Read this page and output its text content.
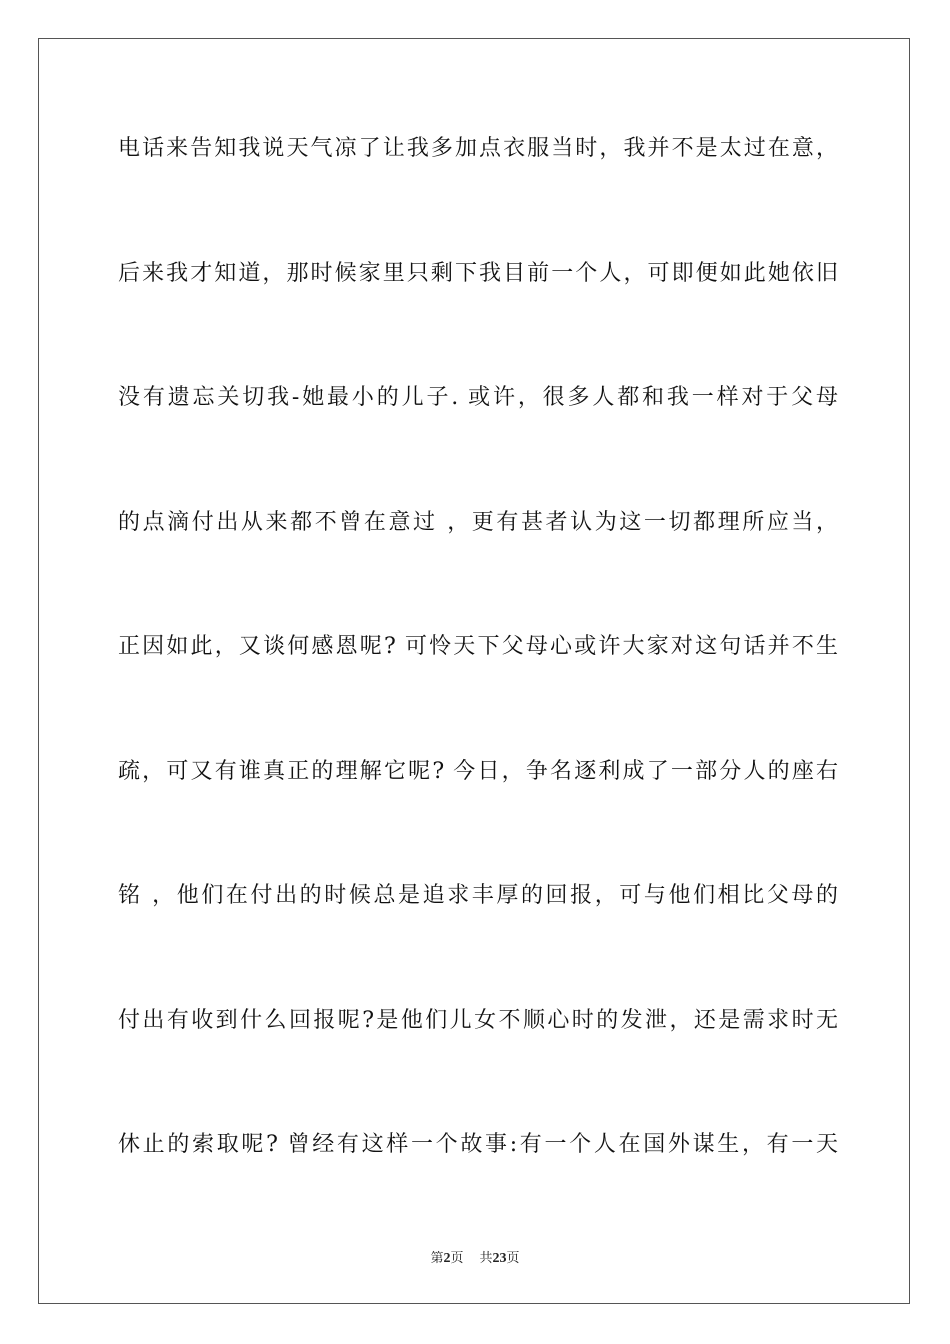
电话来告知我说天气凉了让我多加点衣服当时，我并不是太过在意，
后来我才知道，那时候家里只剩下我目前一个人，可即便如此她依旧
没有遗忘关切我-她最小的儿子. 或许，很多人都和我一样对于父母
的点滴付出从来都不曾在意过 ，更有甚者认为这一切都理所应当，
正因如此，又谈何感恩呢? 可怜天下父母心或许大家对这句话并不生
疏，可又有谁真正的理解它呢? 今日，争名逐利成了一部分人的座右
铭 ，他们在付出的时候总是追求丰厚的回报，可与他们相比父母的
付出有收到什么回报呢?是他们儿女不顺心时的发泄，还是需求时无
休止的索取呢? 曾经有这样一个故事:有一个人在国外谋生，有一天
第2页 共23页
